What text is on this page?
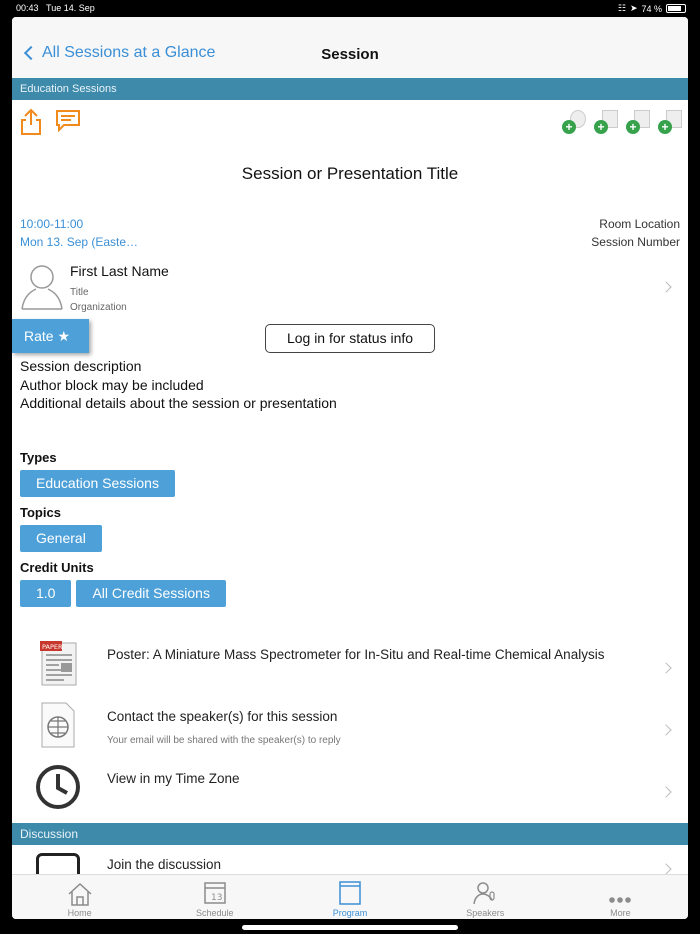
00:43 Tue 14. Sep	☷ ➤ 74 %
All Sessions at a Glance	Session
Education Sessions
+ + + +
Session or Presentation Title
10:00-11:00
Mon 13. Sep (Easte…
Room Location
Session Number
First Last Name
Title
Organization
Rate ★	Log in for status info
Session description
Author block may be included
Additional details about the session or presentation
Types
Education Sessions
Topics
General
Credit Units
1.0	All Credit Sessions
PAPER	Poster: A Miniature Mass Spectrometer for In-Situ and Real-time Chemical Analysis
Contact the speaker(s) for this session
Your email will be shared with the speaker(s) to reply
View in my Time Zone
Discussion
Join the discussion
Home
13
Schedule	Program	Speakers	More
